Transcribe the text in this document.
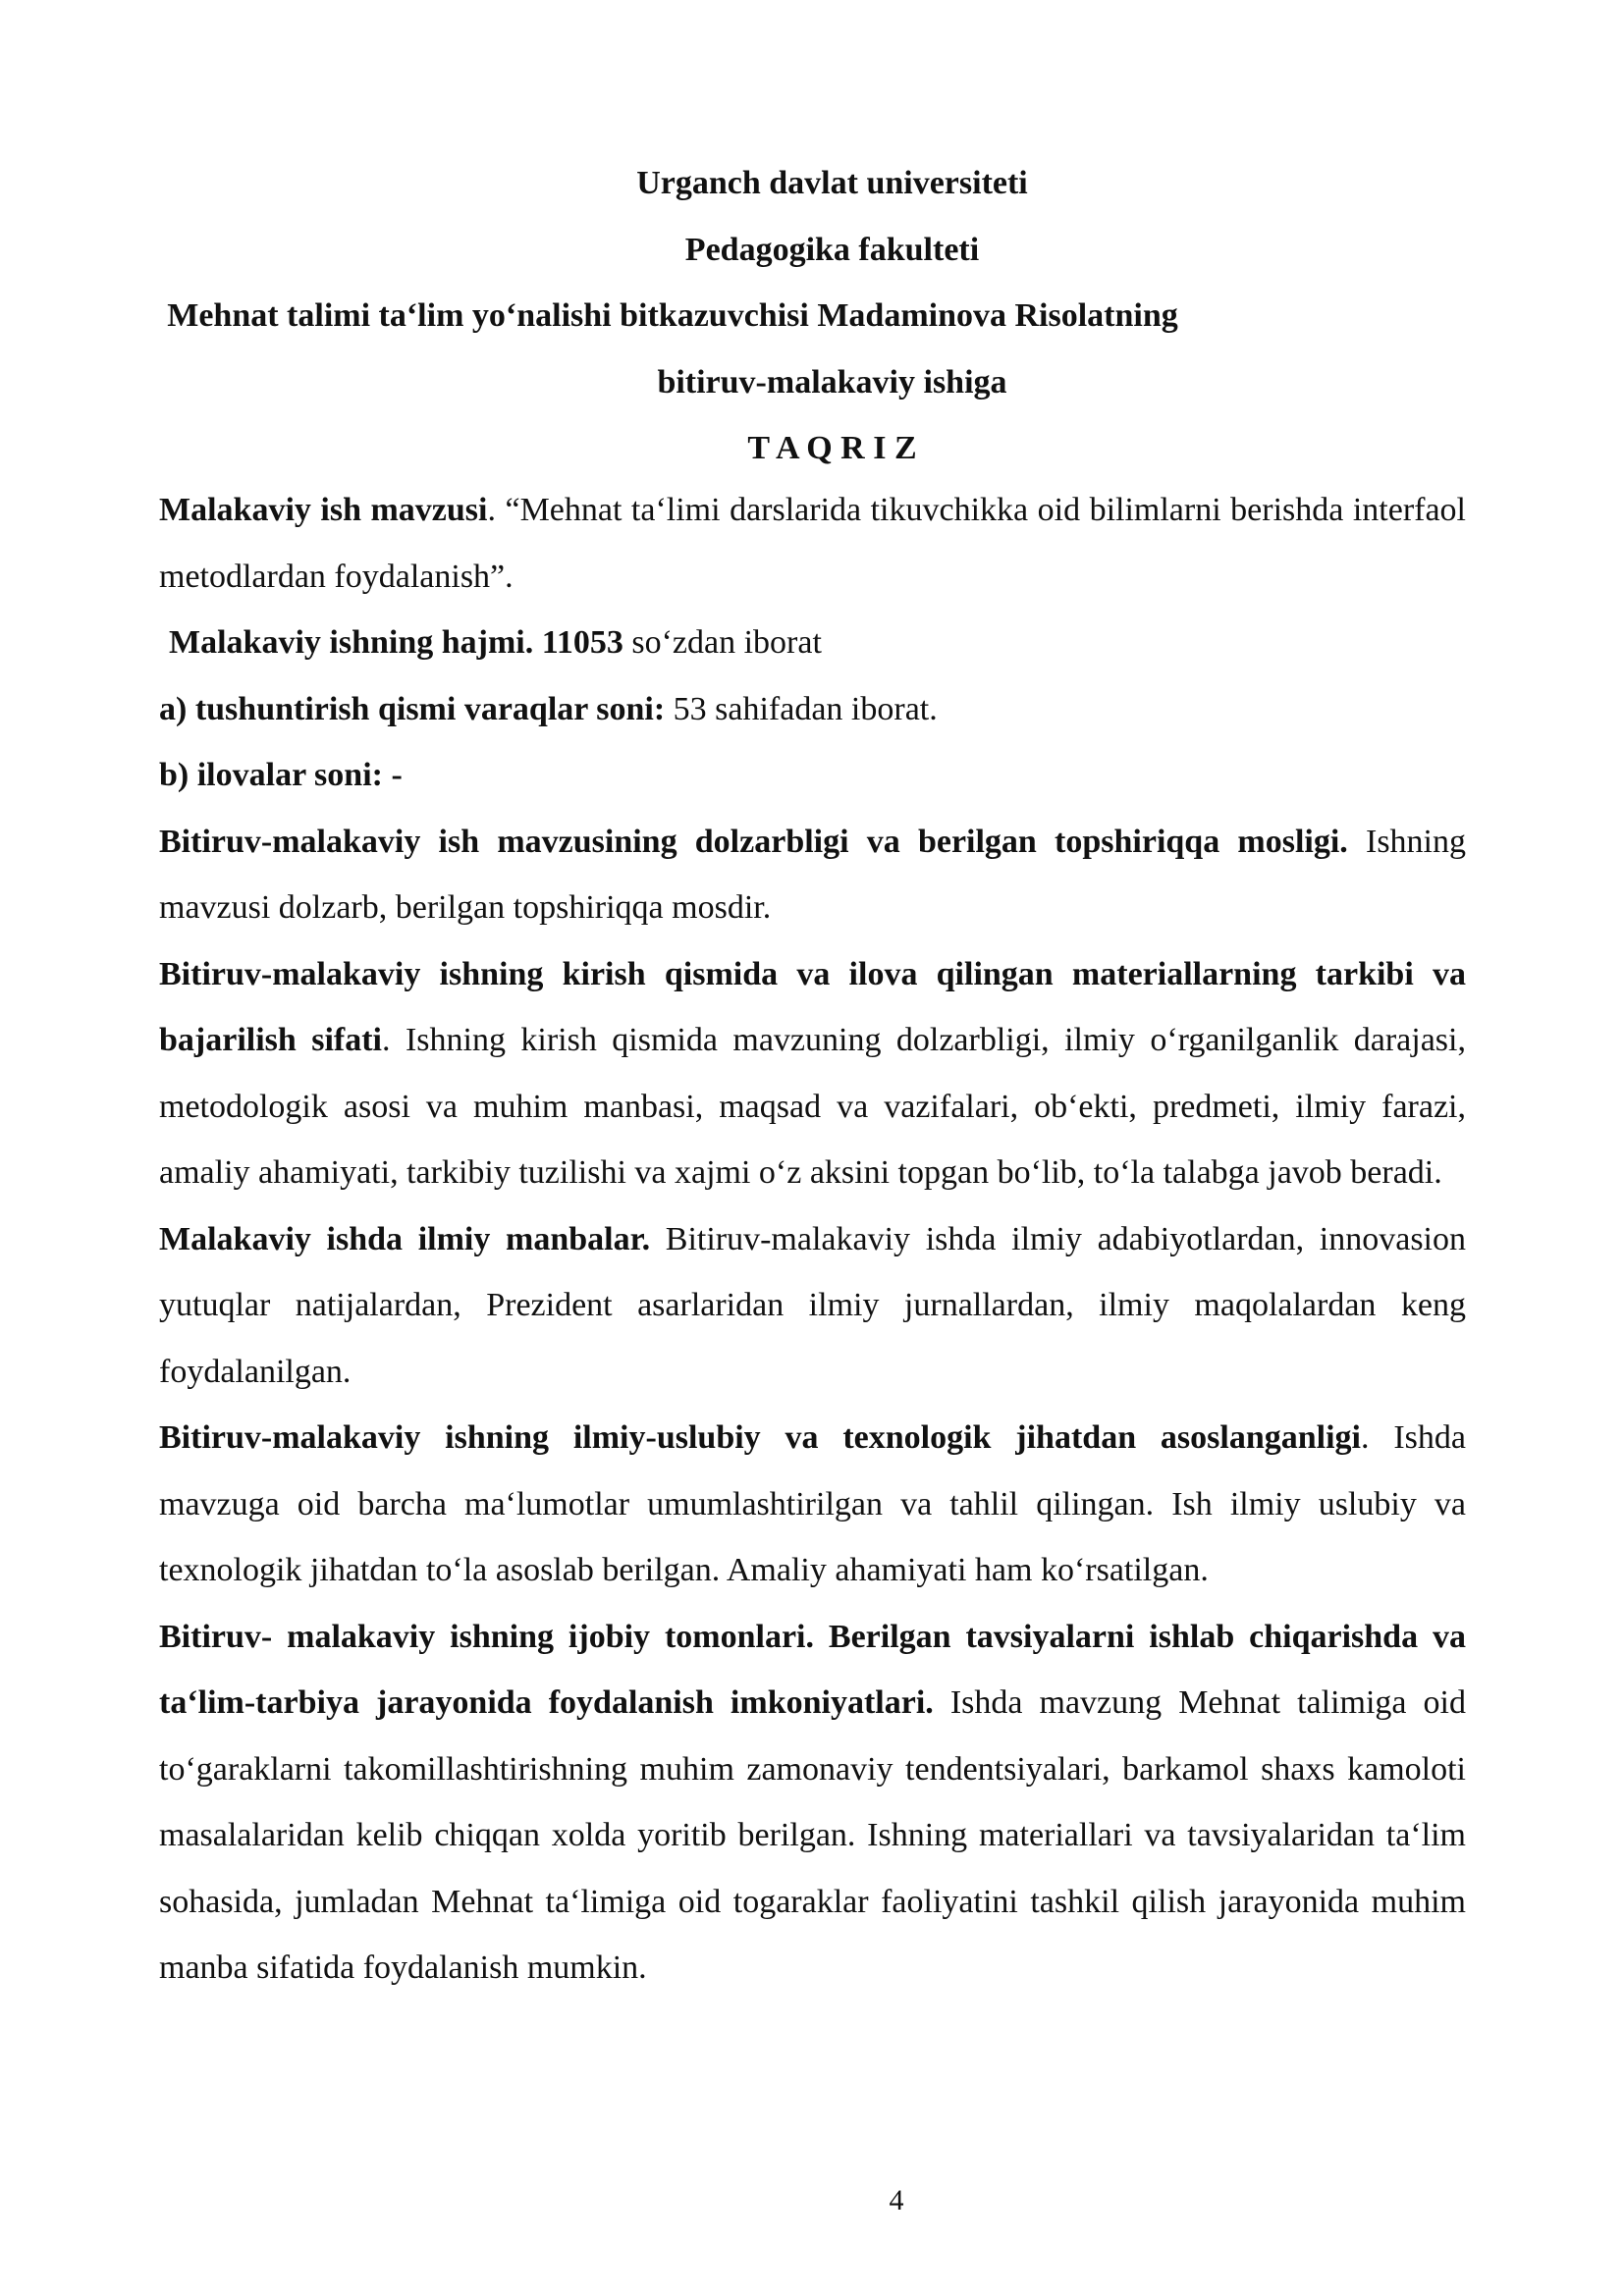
Urganch davlat universiteti
Pedagogika fakulteti
Mеhnat talimi taʻlim yoʻnalishi bitkazuvchisi Madaminova Risolatning
bitiruv-malakaviy ishiga
T A Q R I Z

Malakaviy ish mavzusi. “Mehnat taʻlimi darslarida tikuvchikka oid bilimlarni berishda interfaol metodlardan foydalanish”.

Malakaviy ishning hajmi. 11053 soʻzdan iborat

a) tushuntirish qismi varaqlar soni: 53 sahifadan iborat.

b) ilovalar soni: -

Bitiruv-malakaviy ish mavzusining dolzarbligi va berilgan topshiriqqa mosligi. Ishning mavzusi dolzarb, berilgan topshiriqqa mosdir.

Bitiruv-malakaviy ishning kirish qismida va ilova qilingan materiallarning tarkibi va bajarilish sifati. Ishning kirish qismida mavzuning dolzarbligi, ilmiy oʻrganilganlik darajasi, metodologik asosi va muhim manbasi, maqsad va vazifalari, obʻekti, predmeti, ilmiy farazi, amaliy ahamiyati, tarkibiy tuzilishi va xajmi oʻz aksini topgan boʻlib, toʻla talabga javob beradi.

Malakaviy ishda ilmiy manbalar. Bitiruv-malakaviy ishda ilmiy adabiyotlardan, innovasion yutuqlar natijalardan, Prezident asarlaridan ilmiy jurnallardan, ilmiy maqolalardan keng foydalanilgan.

Bitiruv-malakaviy ishning ilmiy-uslubiy va texnologik jihatdan asoslanganligi. Ishda mavzuga oid barcha maʻlumotlar umumlashtirilgan va tahlil qilingan. Ish ilmiy uslubiy va texnologik jihatdan toʻla asoslab berilgan. Amaliy ahamiyati ham koʻrsatilgan.

Bitiruv- malakaviy ishning ijobiy tomonlari. Berilgan tavsiyalarni ishlab chiqarishda va taʻlim-tarbiya jarayonida foydalanish imkoniyatlari. Ishda mavzung Mеhnat talimiga oid toʻgaraklarni takomillashtirishning muhim zamonaviy tendentsiyalari, barkamol shaxs kamoloti masalalaridan kelib chiqqan xolda yoritib berilgan. Ishning materiallari va tavsiyalaridan taʻlim sohasida, jumladan Mehnat taʻlimiga oid togaraklar faoliyatini tashkil qilish jarayonida muhim manba sifatida foydalanish mumkin.

4
